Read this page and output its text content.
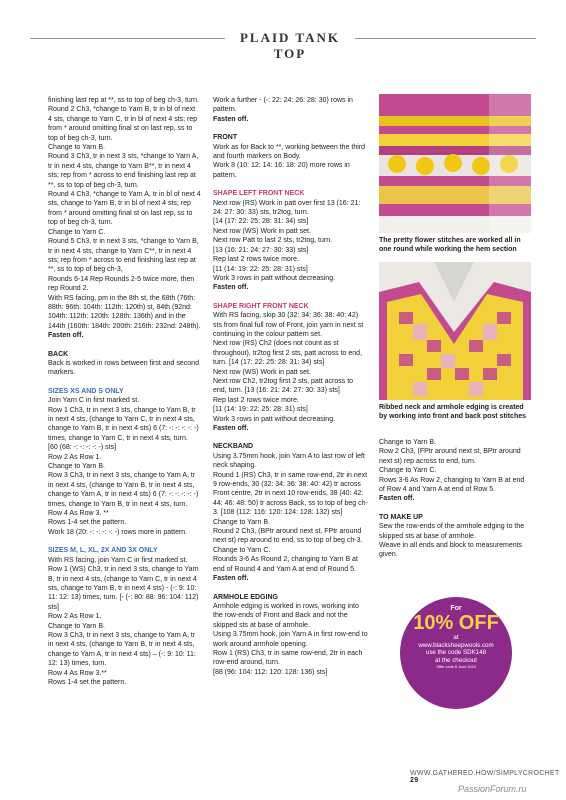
PLAID TANK TOP

finishing last rep at **, ss to top of beg ch-3, turn.

Round 2 Ch3, *change to Yarn B, tr in bl of next 4 sts, change to Yarn C, tr in bl of next 4 sts; rep from * around omitting final st on last rep, ss to top of beg ch-3, turn.

Change to Yarn B.

Round 3 Ch3, tr in next 3 sts, *change to Yarn A, tr in next 4 sts, change to Yarn B**, tr in next 4 sts; rep from * across to end finishing last rep at **, ss to top of beg ch-3, turn.

Round 4 Ch3, *change to Yarn A, tr in bl of next 4 sts, change to Yarn B, tr in bl of next 4 sts; rep from * around omitting final st on last rep, ss to top of beg ch-3, turn.

Change to Yarn C.

Round 5 Ch3, tr in next 3 sts, *change to Yarn B, tr in next 4 sts, change to Yarn C**, tr in next 4 sts; rep from * across to end finishing last rep at **, ss to top of beg ch-3,

Rounds 6-14 Rep Rounds 2-5 twice more, then rep Round 2.

With RS facing, pm in the 8th st, the 68th (76th: 88th: 96th: 104th: 112th: 120th) st, 84th (92nd: 104th: 112th: 120th: 128th: 136th) and in the 144th (160th: 184th: 200th: 216th: 232nd: 248th).

Fasten off.

BACK

Back is worked in rows between first and second markers.

SIZES XS AND S ONLY

Join Yarn C in first marked st.

Row 1 Ch3, tr in next 3 sts, change to Yarn B, tr in next 4 sts, (change to Yarn C, tr in next 4 sts, change to Yarn B, tr in next 4 sts) 6 (7: -: -: -: -: -) times, change to Yarn C, tr in next 4 sts, turn.

[60 (68: -: -: -: -: -) sts]

Row 2 As Row 1.

Change to Yarn B.

Row 3 Ch3, tr in next 3 sts, change to Yarn A, tr in next 4 sts, (change to Yarn B, tr in next 4 sts, change to Yarn A, tr in next 4 sts) 6 (7: -: -: -: -: -) times, change to Yarn B, tr in next 4 sts, turn.

Row 4 As Row 3. **

Rows 1-4 set the pattern.

Work 18 (20: -: -: -: -: -) rows more in pattern.

SIZES M, L, XL, 2X AND 3X ONLY

With RS facing, join Yarn C in first marked st.

Row 1 (WS) Ch3, tr in next 3 sts, change to Yarn B, tr in next 4 sts, (change to Yarn C, tr in next 4 sts, change to Yarn B, tr in next 4 sts) - (-: 9: 10: 11: 12: 13) times, turn. [- (-: 80: 88: 96: 104: 112) sts]

Row 2 As Row 1.

Change to Yarn B.

Row 3 Ch3, tr in next 3 sts, change to Yarn A, tr in next 4 sts, (change to Yarn B, tr in next 4 sts, change to Yarn A, tr in next 4 sts) – (-: 9: 10: 11: 12: 13) times, turn.

Row 4 As Row 3.**

Rows 1-4 set the pattern.

Work a further - (-: 22: 24: 26: 28: 30) rows in pattern.

Fasten off.

FRONT

Work as for Back to **, working between the third and fourth markers on Body.

Work 8 (10: 12: 14: 16: 18: 20) more rows in pattern.

SHAPE LEFT FRONT NECK

Next row (RS) Work in patt over first 13 (16: 21: 24: 27: 30: 33) sts, tr2tog, turn.

[14 (17: 22: 25: 28: 31: 34) sts]

Next row (WS) Work in patt set.

Next row Patt to last 2 sts, tr2tog, turn.

[13 (16: 21: 24: 27: 30: 33) sts]

Rep last 2 rows twice more.

[11 (14: 19: 22: 25: 28: 31) sts]

Work 3 rows in patt without decreasing.

Fasten off.

SHAPE RIGHT FRONT NECK

With RS facing, skip 30 (32: 34: 36: 38: 40: 42) sts from final full row of Front, join yarn in next st continuing in the colour pattern set.

Next row (RS) Ch2 (does not count as st throughout), tr2tog first 2 sts, patt across to end, turn. [14 (17: 22: 25: 28: 31: 34) sts]

Next row (WS) Work in patt set.

Next row Ch2, tr2tog first 2 sts, patt across to end, turn. [13 (16: 21: 24: 27: 30: 33) sts]

Rep last 2 rows twice more.

[11 (14: 19: 22: 25: 28: 31) sts]

Work 3 rows in patt without decreasing.

Fasten off.

NECKBAND

Using 3.75mm hook, join Yarn A to last row of left neck shaping.

Round 1 (RS) Ch3, tr in same row-end, 2tr in next 9 row-ends, 30 (32: 34: 36: 38: 40: 42) tr across Front centre, 2tr in next 10 row-ends, 38 (40: 42: 44: 46: 48: 50) tr across Back, ss to top of beg ch-3. [108 (112: 116: 120: 124: 128: 132) sts]

Change to Yarn B.

Round 2 Ch3, (BPtr around next st, FPtr around next st) rep around to end, ss to top of beg ch-3.

Change to Yarn C.

Rounds 3-6 As Round 2, changing to Yarn B at end of Round 4 and Yarn A at end of Round 5.

Fasten off.

ARMHOLE EDGING

Armhole edging is worked in rows, working into the row-ends of Front and Back and not the skipped sts at base of armhole.

Using 3.75mm hook, join Yarn A in first row-end to work around armhole opening.

Row 1 (RS) Ch3, tr in same row-end, 2tr in each row-end around, turn.

[88 (96: 104: 112: 120: 128: 136) sts]

The pretty flower stitches are worked all in one round while working the hem section
Ribbed neck and armhole edging is created by working into front and back post stitches

Change to Yarn B.

Row 2 Ch3, (FPtr around next st, BPtr around next st) rep across to end, turn.

Change to Yarn C.

Rows 3-6 As Row 2, changing to Yarn B at end of Row 4 and Yarn A at end of Row 5.

Fasten off.

TO MAKE UP

Sew the row-ends of the armhole edging to the skipped sts at base of armhole.

Weave in all ends and block to measurements given.

For
10% OFF
at
www.blacksheepwools.com
use the code SDK148
at the checkout
Offer ends 8 June 2024
WWW.GATHERED.HOW/SIMPLYCROCHET 29
PassionForum.ru
